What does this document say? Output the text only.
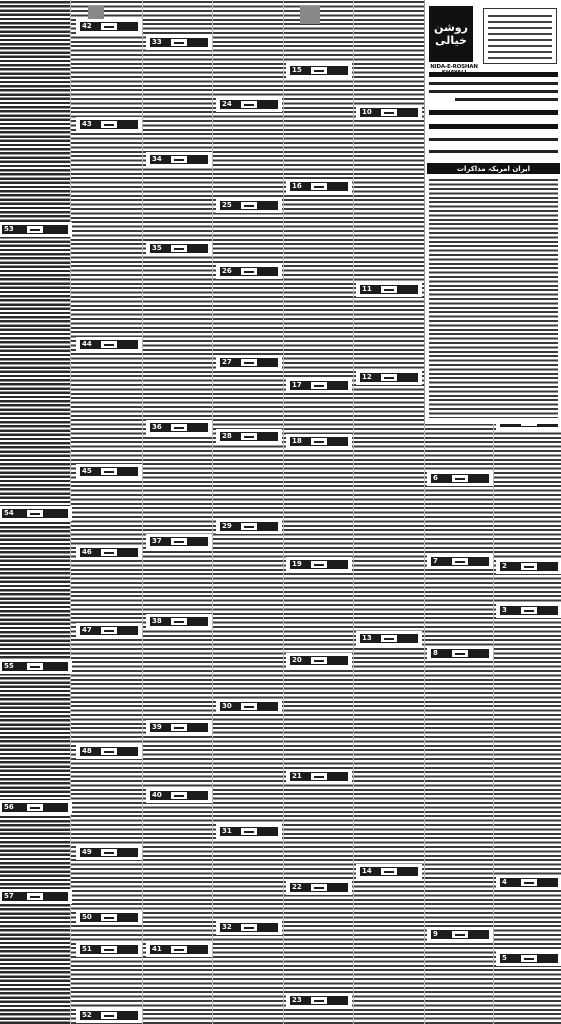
روشن خیالی
NIDA-E-ROSHAN
ایران امریکہ مذاکرات
42
43
44
45
46
47
48
49
50
51
52
53
54
55
56
57
33
34
35
36
37
38
39
40
41
24
25
26
27
28
29
30
31
32
15
16
17
18
19
20
21
22
23
10
11
12
13
14
6
7
8
9
2
3
4
5
